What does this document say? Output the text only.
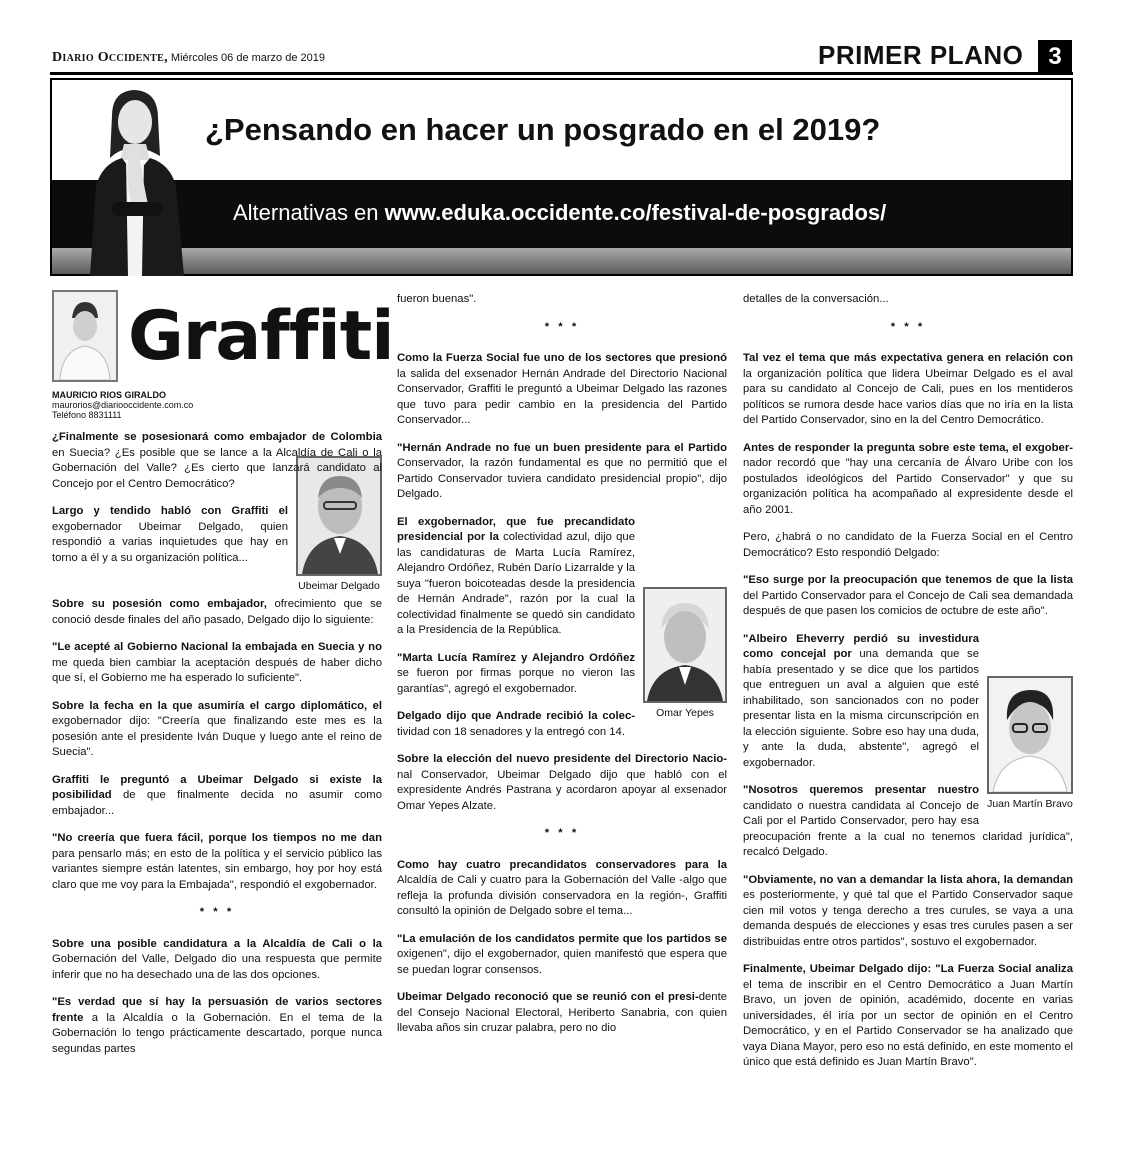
Diario Occidente, Miércoles 06 de marzo de 2019	PRIMER PLANO	3
¿Pensando en hacer un posgrado en el 2019?
Alternativas en www.eduka.occidente.co/festival-de-posgrados/
Graffiti
MAURICIO RIOS GIRALDO
maurorios@diariooccidente.com.co
Teléfono 8831111

¿Finalmente se posesionará como embajador de Colombia en Suecia? ¿Es posible que se lance a la Alcaldía de Cali o la Gobernación del Valle? ¿Es cierto que lanzará candidato al Concejo por el Centro Democrático?

Ubeimar Delgado

Largo y tendido habló con Graffiti el exgobernador Ubeimar Delgado, quien respondió a varias inquietudes que hay en torno a él y a su organización política...

Sobre su posesión como embajador, ofrecimiento que se conoció desde finales del año pasado, Delgado dijo lo siguiente:

"Le acepté al Gobierno Nacional la embajada en Suecia y no me queda bien cambiar la aceptación después de haber dicho que sí, el Gobierno me ha esperado lo suficiente".

Sobre la fecha en la que asumiría el cargo diplomático, el exgobernador dijo: "Creería que finalizando este mes es la posesión ante el presidente Iván Duque y luego ante el reino de Suecia".

Graffiti le preguntó a Ubeimar Delgado si existe la posibilidad de que finalmente decida no asumir como embajador...

"No creería que fuera fácil, porque los tiempos no me dan para pensarlo más; en esto de la política y el servicio público las variantes siempre están latentes, sin embargo, hoy por hoy está claro que me voy para la Embajada", respondió el exgobernador.

* * *

Sobre una posible candidatura a la Alcaldía de Cali o la Gobernación del Valle, Delgado dio una respuesta que permite inferir que no ha desechado una de las dos opciones.

"Es verdad que sí hay la persuasión de varios sectores frente a la Alcaldía o la Gobernación. En el tema de la Gobernación lo tengo prácticamente descartado, porque nunca segundas partes

fueron buenas".

* * *

Como la Fuerza Social fue uno de los sectores que presionó la salida del exsenador Hernán Andrade del Directorio Nacional Conservador, Graffiti le preguntó a Ubeimar Delgado las razones que tuvo para pedir cambio en la presidencia del Partido Conservador...

"Hernán Andrade no fue un buen presidente para el Partido Conservador, la razón fundamental es que no permitió que el Partido Conservador tuviera candidato presidencial propio", dijo Delgado.

Omar Yepes

El exgobernador, que fue precandidato presidencial por la colectividad azul, dijo que las candidaturas de Marta Lucía Ramírez, Alejandro Ordóñez, Rubén Darío Lizarralde y la suya "fueron boicoteadas desde la presidencia de Hernán Andrade", razón por la cual la colectividad finalmente se quedó sin candidato a la Presidencia de la República.

"Marta Lucía Ramírez y Alejandro Ordóñez se fueron por firmas porque no vieron las garantías", agregó el exgobernador.

Delgado dijo que Andrade recibió la colec-tividad con 18 senadores y la entregó con 14.

Sobre la elección del nuevo presidente del Directorio Nacio-nal Conservador, Ubeimar Delgado dijo que habló con el expresidente Andrés Pastrana y acordaron apoyar al exsenador Omar Yepes Alzate.

* * *

Como hay cuatro precandidatos conservadores para la Alcaldía de Cali y cuatro para la Gobernación del Valle -algo que refleja la profunda división conservadora en la región-, Graffiti consultó la opinión de Delgado sobre el tema...

"La emulación de los candidatos permite que los partidos se oxigenen", dijo el exgobernador, quien manifestó que espera que se puedan lograr consensos.

Ubeimar Delgado reconoció que se reunió con el presi-dente del Consejo Nacional Electoral, Heriberto Sanabria, con quien llevaba años sin cruzar palabra, pero no dio

detalles de la conversación...

* * *

Tal vez el tema que más expectativa genera en relación con la organización política que lidera Ubeimar Delgado es el aval para su candidato al Concejo de Cali, pues en los mentideros políticos se rumora desde hace varios días que no iría en la lista del Partido Conservador, sino en la del Centro Democrático.

Antes de responder la pregunta sobre este tema, el exgober-nador recordó que "hay una cercanía de Álvaro Uribe con los postulados ideológicos del Partido Conservador" y que su organización política ha acompañado al expresidente desde el año 2001.

Pero, ¿habrá o no candidato de la Fuerza Social en el Centro Democrático? Esto respondió Delgado:

"Eso surge por la preocupación que tenemos de que la lista del Partido Conservador para el Concejo de Cali sea demandada después de que pasen los comicios de octubre de este año".

Juan Martín Bravo

"Albeiro Eheverry perdió su investidura como concejal por una demanda que se había presentado y se dice que los partidos que entreguen un aval a alguien que esté inhabilitado, son sancionados con no poder presentar lista en la misma circunscripción en la elección siguiente. Sobre eso hay una duda, y ante la duda, abstente", agregó el exgobernador.

"Nosotros queremos presentar nuestro candidato o nuestra candidata al Concejo de Cali por el Partido Conservador, pero hay esa preocupación frente a la cual no tenemos claridad jurídica", recalcó Delgado.

"Obviamente, no van a demandar la lista ahora, la demandan es posteriormente, y qué tal que el Partido Conservador saque cien mil votos y tenga derecho a tres curules, se vaya a una demanda después de elecciones y esas tres curules pasen a ser distribuidas entre otros partidos", sostuvo el exgobernador.

Finalmente, Ubeimar Delgado dijo: "La Fuerza Social analiza el tema de inscribir en el Centro Democrático a Juan Martín Bravo, un joven de opinión, académido, docente en varias universidades, él iría por un sector de opinión en el Centro Democrático, y en el Partido Conservador se ha analizado que vaya Diana Mayor, pero eso no está definido, en este momento el único que está definido es Juan Martín Bravo".
